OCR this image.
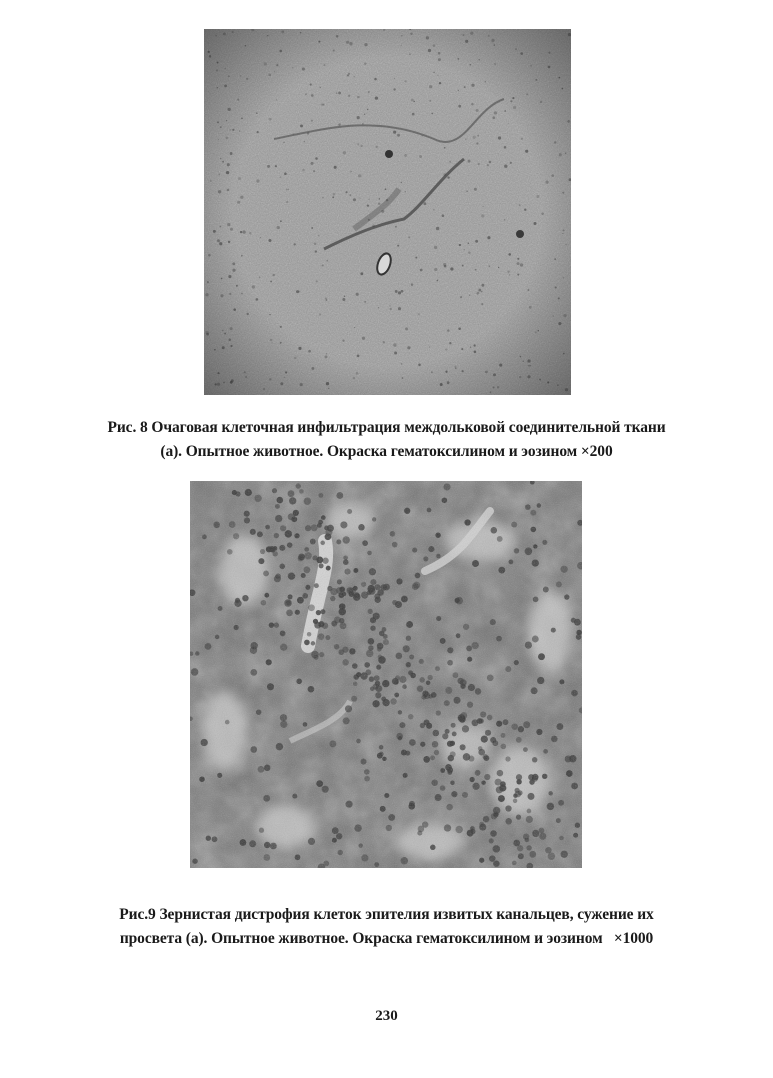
Рис. 8 Очаговая клеточная инфильтрация междольковой соединительной ткани
(а). Опытное животное. Окраска гематоксилином и эозином ×200
Рис.9 Зернистая дистрофия клеток эпителия извитых канальцев, сужение их
просвета (а). Опытное животное. Окраска гематоксилином и эозином   ×1000
230
